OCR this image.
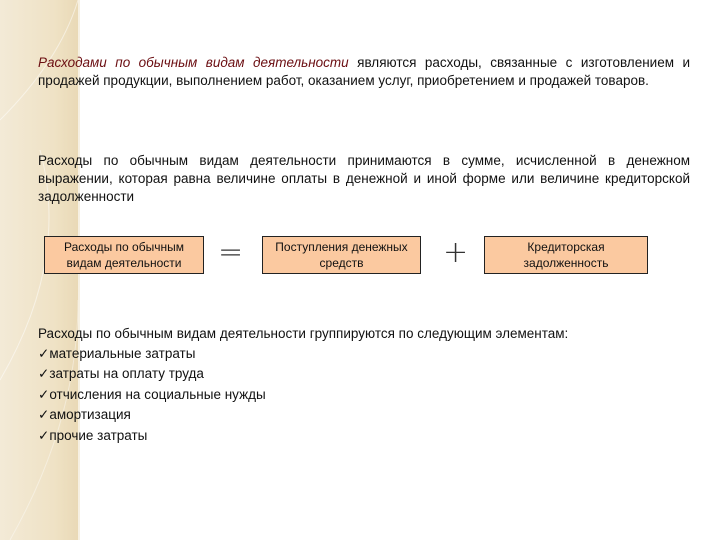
Расходами по обычным видам деятельности являются расходы, связанные с изготовлением и продажей продукции, выполнением работ, оказанием услуг, приобретением и продажей товаров.
Расходы по обычным видам деятельности принимаются в сумме, исчисленной в денежном выражении, которая равна величине оплаты в денежной и иной форме или величине кредиторской задолженности
Расходы по обычным видам деятельности	=	Поступления денежных средств	+	Кредиторская задолженность
Расходы по обычным видам деятельности группируются по следующим элементам:
✓материальные затраты
✓затраты на оплату труда
✓отчисления на социальные нужды
✓амортизация
✓прочие затраты
